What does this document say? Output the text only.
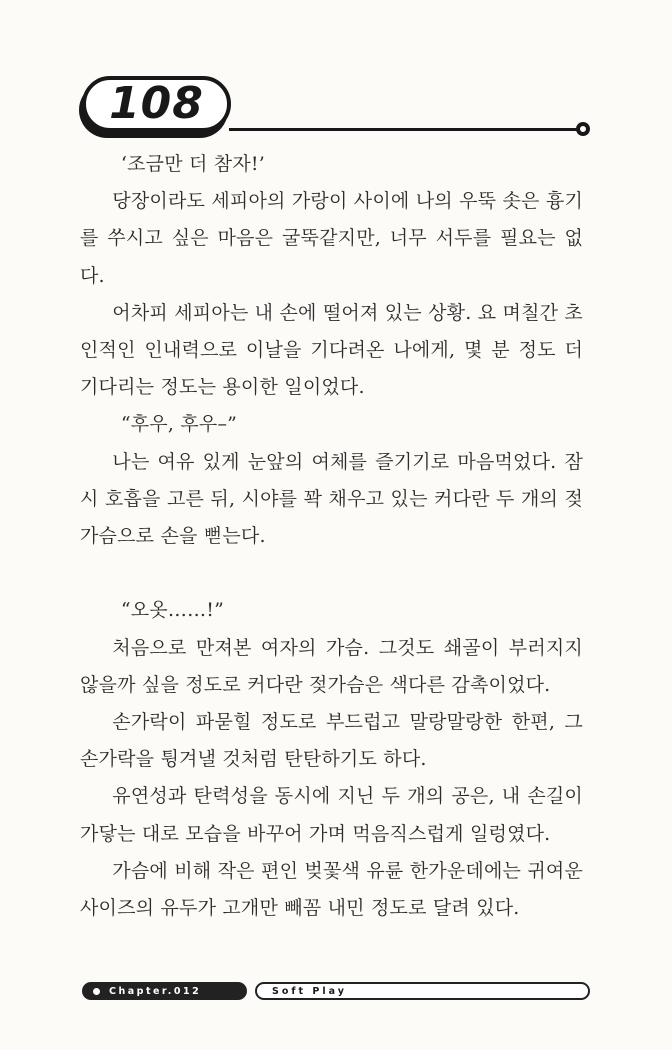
108

‘조금만 더 참자!’

당장이라도 세피아의 가랑이 사이에 나의 우뚝 솟은 흉기를 쑤시고 싶은 마음은 굴뚝같지만, 너무 서두를 필요는 없다.

어차피 세피아는 내 손에 떨어져 있는 상황. 요 며칠간 초인적인 인내력으로 이날을 기다려온 나에게, 몇 분 정도 더 기다리는 정도는 용이한 일이었다.

“후우, 후우–”

나는 여유 있게 눈앞의 여체를 즐기기로 마음먹었다. 잠시 호흡을 고른 뒤, 시야를 꽉 채우고 있는 커다란 두 개의 젖가슴으로 손을 뻗는다.

“오옷……!”

처음으로 만져본 여자의 가슴. 그것도 쇄골이 부러지지 않을까 싶을 정도로 커다란 젖가슴은 색다른 감촉이었다.

손가락이 파묻힐 정도로 부드럽고 말랑말랑한 한편, 그 손가락을 튕겨낼 것처럼 탄탄하기도 하다.

유연성과 탄력성을 동시에 지닌 두 개의 공은, 내 손길이 가닿는 대로 모습을 바꾸어 가며 먹음직스럽게 일렁였다.

가슴에 비해 작은 편인 벚꽃색 유륜 한가운데에는 귀여운 사이즈의 유두가 고개만 빼꼼 내민 정도로 달려 있다.

Chapter.012	Soft Play
